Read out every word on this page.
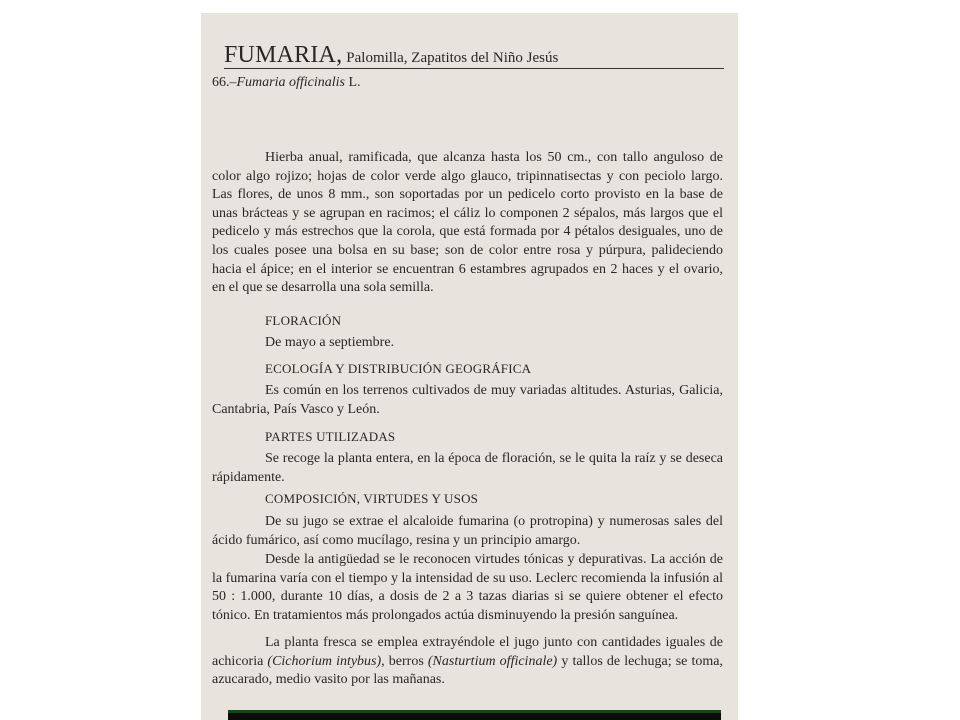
FUMARIA, Palomilla, Zapatitos del Niño Jesús
66.–Fumaria officinalis L.
Hierba anual, ramificada, que alcanza hasta los 50 cm., con tallo anguloso de color algo rojizo; hojas de color verde algo glauco, tripinnatisectas y con peciolo largo. Las flores, de unos 8 mm., son soportadas por un pedicelo corto provisto en la base de unas brácteas y se agrupan en racimos; el cáliz lo componen 2 sépalos, más largos que el pedicelo y más estrechos que la corola, que está formada por 4 pétalos desiguales, uno de los cuales posee una bolsa en su base; son de color entre rosa y púrpura, palideciendo hacia el ápice; en el interior se encuentran 6 estambres agrupados en 2 haces y el ovario, en el que se desarrolla una sola semilla.
FLORACIÓN
De mayo a septiembre.
ECOLOGÍA Y DISTRIBUCIÓN GEOGRÁFICA
Es común en los terrenos cultivados de muy variadas altitudes. Asturias, Galicia, Cantabria, País Vasco y León.
PARTES UTILIZADAS
Se recoge la planta entera, en la época de floración, se le quita la raíz y se deseca rápidamente.
COMPOSICIÓN, VIRTUDES Y USOS
De su jugo se extrae el alcaloide fumarina (o protropina) y numerosas sales del ácido fumárico, así como mucílago, resina y un principio amargo.
Desde la antigüedad se le reconocen virtudes tónicas y depurativas. La acción de la fumarina varía con el tiempo y la intensidad de su uso. Leclerc recomienda la infusión al 50 : 1.000, durante 10 días, a dosis de 2 a 3 tazas diarias si se quiere obtener el efecto tónico. En tratamientos más prolongados actúa disminuyendo la presión sanguínea.
La planta fresca se emplea extrayéndole el jugo junto con cantidades iguales de achicoria (Cichorium intybus), berros (Nasturtium officinale) y tallos de lechuga; se toma, azucarado, medio vasito por las mañanas.
